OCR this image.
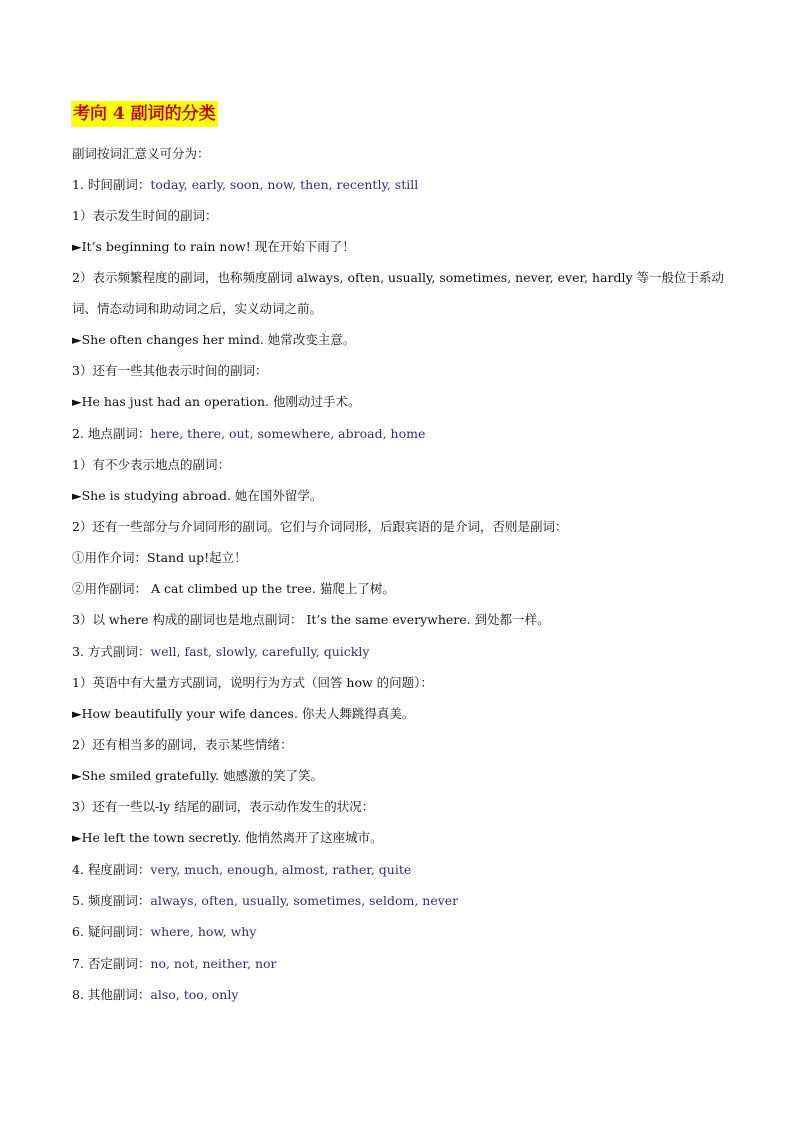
考向 4 副词的分类
副词按词汇意义可分为：
1. 时间副词：today, early, soon, now, then, recently, still
1）表示发生时间的副词：
►It’s beginning to rain now! 现在开始下雨了！
2）表示频繁程度的副词，也称频度副词 always, often, usually, sometimes, never, ever, hardly 等一般位于系动词、情态动词和助动词之后，实义动词之前。
►She often changes her mind. 她常改变主意。
3）还有一些其他表示时间的副词：
►He has just had an operation. 他刚动过手术。
2. 地点副词：here, there, out, somewhere, abroad, home
1）有不少表示地点的副词：
►She is studying abroad. 她在国外留学。
2）还有一些部分与介词同形的副词。它们与介词同形，后跟宾语的是介词，否则是副词：
①用作介词：Stand up!起立！
②用作副词： A cat climbed up the tree. 猫爬上了树。
3）以 where 构成的副词也是地点副词： It’s the same everywhere. 到处都一样。
3. 方式副词：well, fast, slowly, carefully, quickly
1）英语中有大量方式副词，说明行为方式（回答 how 的问题）：
►How beautifully your wife dances. 你夫人舞跳得真美。
2）还有相当多的副词，表示某些情绪：
►She smiled gratefully. 她感激的笑了笑。
3）还有一些以-ly 结尾的副词，表示动作发生的状况：
►He left the town secretly. 他悄然离开了这座城市。
4. 程度副词：very, much, enough, almost, rather, quite
5. 频度副词：always, often, usually, sometimes, seldom, never
6. 疑问副词：where, how, why
7. 否定副词：no, not, neither, nor
8. 其他副词：also, too, only
